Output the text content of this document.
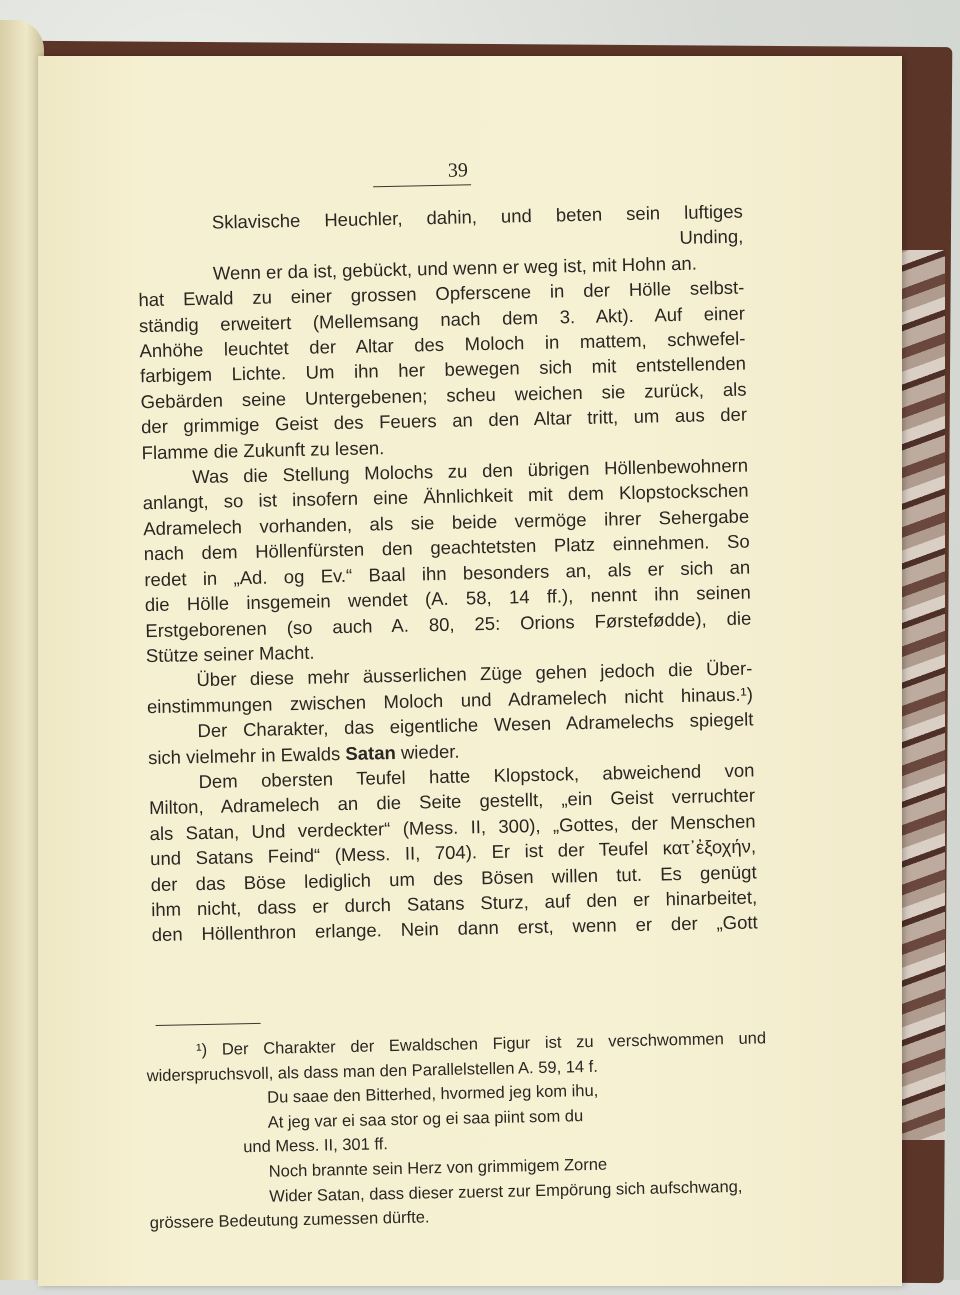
39
Sklavische Heuchler, dahin, und beten sein luftiges
Unding,
Wenn er da ist, gebückt, und wenn er weg ist, mit Hohn an.
hat Ewald zu einer grossen Opferscene in der Hölle selbst-
ständig erweitert (Mellemsang nach dem 3. Akt). Auf einer
Anhöhe leuchtet der Altar des Moloch in mattem, schwefel-
farbigem Lichte. Um ihn her bewegen sich mit entstellenden
Gebärden seine Untergebenen; scheu weichen sie zurück, als
der grimmige Geist des Feuers an den Altar tritt, um aus der
Flamme die Zukunft zu lesen.
Was die Stellung Molochs zu den übrigen Höllenbewohnern
anlangt, so ist insofern eine Ähnlichkeit mit dem Klopstockschen
Adramelech vorhanden, als sie beide vermöge ihrer Sehergabe
nach dem Höllenfürsten den geachtetsten Platz einnehmen. So
redet in „Ad. og Ev.“ Baal ihn besonders an, als er sich an
die Hölle insgemein wendet (A. 58, 14 ff.), nennt ihn seinen
Erstgeborenen (so auch A. 80, 25: Orions Førstefødde), die
Stütze seiner Macht.
Über diese mehr äusserlichen Züge gehen jedoch die Über-
einstimmungen zwischen Moloch und Adramelech nicht hinaus.¹)
Der Charakter, das eigentliche Wesen Adramelechs spiegelt
sich vielmehr in Ewalds Satan wieder.
Dem obersten Teufel hatte Klopstock, abweichend von
Milton, Adramelech an die Seite gestellt, „ein Geist verruchter
als Satan, Und verdeckter“ (Mess. II, 300), „Gottes, der Menschen
und Satans Feind“ (Mess. II, 704). Er ist der Teufel κατ᾽ἐξοχήν,
der das Böse lediglich um des Bösen willen tut. Es genügt
ihm nicht, dass er durch Satans Sturz, auf den er hinarbeitet,
den Höllenthron erlange. Nein dann erst, wenn er der „Gott
¹) Der Charakter der Ewaldschen Figur ist zu verschwommen und
widerspruchsvoll, als dass man den Parallelstellen A. 59, 14 f.
Du saae den Bitterhed, hvormed jeg kom ihu,
At jeg var ei saa stor og ei saa piint som du
und Mess. II, 301 ff.
Noch brannte sein Herz von grimmigem Zorne
Wider Satan, dass dieser zuerst zur Empörung sich aufschwang,
grössere Bedeutung zumessen dürfte.
